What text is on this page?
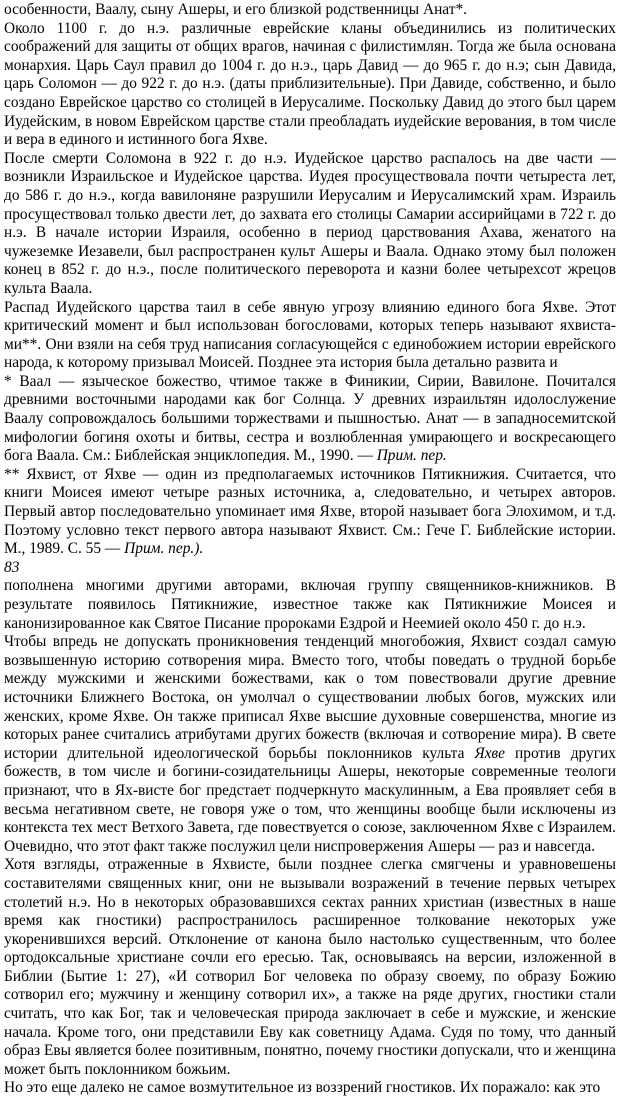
особенности, Ваалу, сыну Ашеры, и его близкой родственницы Анат*.

Около 1100 г. до н.э. различные еврейские кланы объединились из политических соображений для защиты от общих врагов, начиная с филистимлян. Тогда же была основана монархия. Царь Саул правил до 1004 г. до н.э., царь Давид — до 965 г. до н.э; сын Давида, царь Соломон — до 922 г. до н.э. (даты приблизительные). При Давиде, собственно, и было создано Еврейское царство со столицей в Иерусалиме. Поскольку Давид до этого был царем Иудейским, в новом Еврейском царстве стали преобладать иудейские верования, в том числе и вера в единого и истинного бога Яхве.

После смерти Соломона в 922 г. до н.э. Иудейское царство распалось на две части — возникли Израильское и Иудейское царства. Иудея просуществовала почти четыреста лет, до 586 г. до н.э., когда вавилоняне разрушили Иерусалим и Иерусалимский храм. Израиль просуществовал только двести лет, до захвата его столицы Самарии ассирийцами в 722 г. до н.э. В начале истории Израиля, особенно в период царствования Ахава, женатого на чужеземке Иезавели, был распространен культ Ашеры и Ваала. Однако этому был положен конец в 852 г. до н.э., после политического переворота и казни более четырехсот жрецов культа Ваала.

Распад Иудейского царства таил в себе явную угрозу влиянию единого бога Яхве. Этот критический момент и был использован богословами, которых теперь называют яхвиста-ми**. Они взяли на себя труд написания согласующейся с единобожием истории еврейского народа, к которому призывал Моисей. Позднее эта история была детально развита и

* Ваал — языческое божество, чтимое также в Финикии, Сирии, Вавилоне. Почитался древними восточными народами как бог Солнца. У древних израильтян идолослужение Ваалу сопровождалось большими торжествами и пышностью. Анат — в западносемитской мифологии богиня охоты и битвы, сестра и возлюбленная умирающего и воскресающего бога Ваала. См.: Библейская энциклопедия. М., 1990. — Прим. пер.

** Яхвист, от Яхве — один из предполагаемых источников Пятикнижия. Считается, что книги Моисея имеют четыре разных источника, а, следовательно, и четырех авторов. Первый автор последовательно упоминает имя Яхве, второй называет бога Элохимом, и т.д. Поэтому условно текст первого автора называют Яхвист. См.: Гече Г. Библейские истории. М., 1989. С. 55 — Прим. пер.).

83

пополнена многими другими авторами, включая группу священников-книжников. В результате появилось Пятикнижие, известное также как Пятикнижие Моисея и канонизированное как Святое Писание пророками Ездрой и Неемией около 450 г. до н.э.

Чтобы впредь не допускать проникновения тенденций многобожия, Яхвист создал самую возвышенную историю сотворения мира. Вместо того, чтобы поведать о трудной борьбе между мужскими и женскими божествами, как о том повествовали другие древние источники Ближнего Востока, он умолчал о существовании любых богов, мужских или женских, кроме Яхве. Он также приписал Яхве высшие духовные совершенства, многие из которых ранее считались атрибутами других божеств (включая и сотворение мира). В свете истории длительной идеологической борьбы поклонников культа Яхве против других божеств, в том числе и богини-созидательницы Ашеры, некоторые современные теологи признают, что в Ях-висте бог предстает подчеркнуто маскулинным, а Ева проявляет себя в весьма негативном свете, не говоря уже о том, что женщины вообще были исключены из контекста тех мест Ветхого Завета, где повествуется о союзе, заключенном Яхве с Израилем. Очевидно, что этот факт также послужил цели ниспровержения Ашеры — раз и навсегда.

Хотя взгляды, отраженные в Яхвисте, были позднее слегка смягчены и уравновешены составителями священных книг, они не вызывали возражений в течение первых четырех столетий н.э. Но в некоторых образовавшихся сектах ранних христиан (известных в наше время как гностики) распространилось расширенное толкование некоторых уже укоренившихся версий. Отклонение от канона было настолько существенным, что более ортодоксальные христиане сочли его ересью. Так, основываясь на версии, изложенной в Библии (Бытие 1: 27), «И сотворил Бог человека по образу своему, по образу Божию сотворил его; мужчину и женщину сотворил их», а также на ряде других, гностики стали считать, что как Бог, так и человеческая природа заключает в себе и мужские, и женские начала. Кроме того, они представили Еву как советницу Адама. Судя по тому, что данный образ Евы является более позитивным, понятно, почему гностики допускали, что и женщина может быть поклонником божьим.

Но это еще далеко не самое возмутительное из воззрений гностиков. Их поражало: как это
